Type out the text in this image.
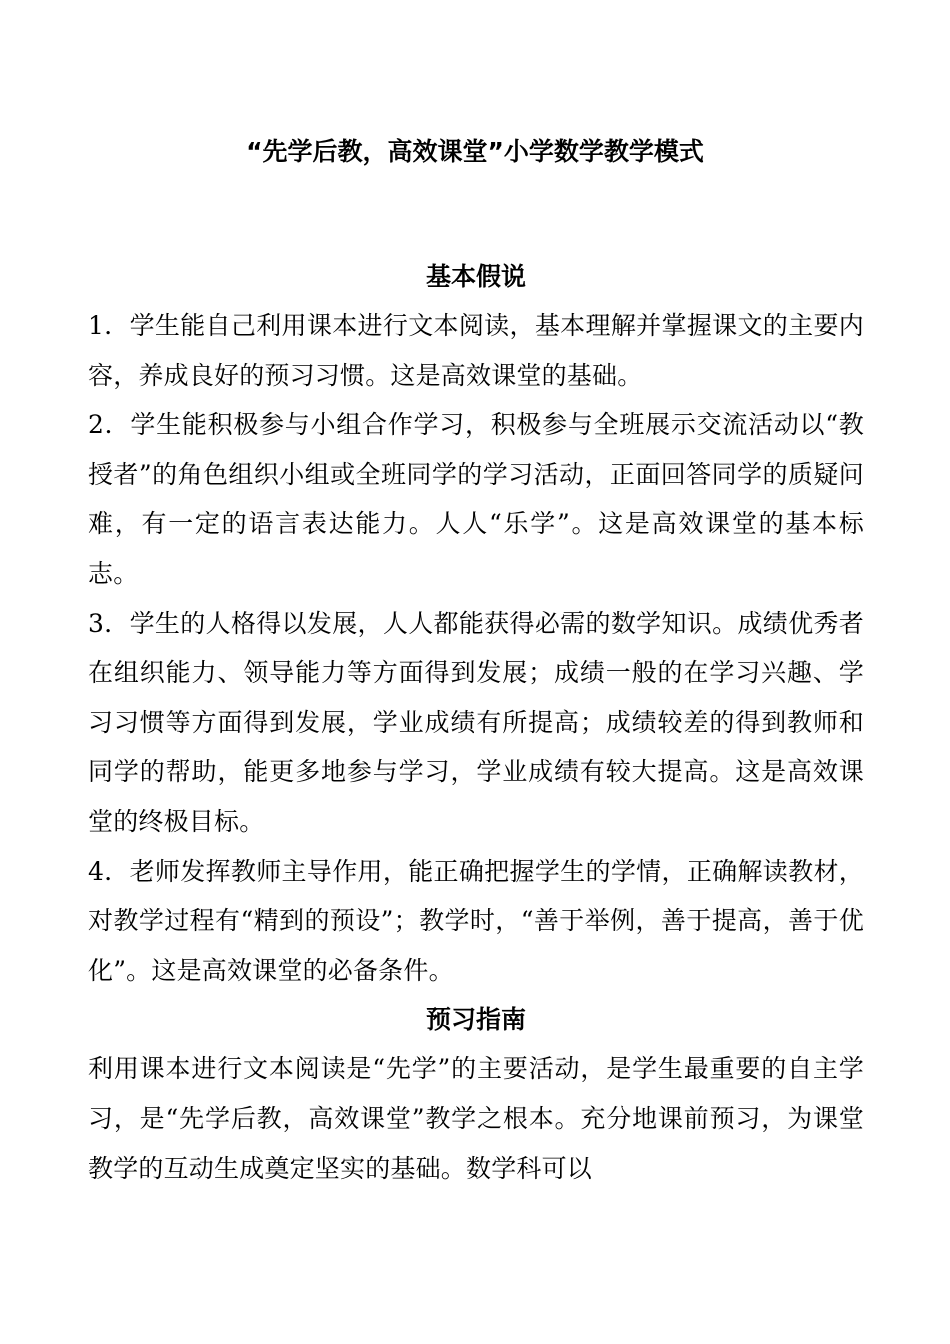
“先学后教，高效课堂”小学数学教学模式
基本假说

1．学生能自己利用课本进行文本阅读，基本理解并掌握课文的主要内容，养成良好的预习习惯。这是高效课堂的基础。

2．学生能积极参与小组合作学习，积极参与全班展示交流活动以“教授者”的角色组织小组或全班同学的学习活动，正面回答同学的质疑问难，有一定的语言表达能力。人人“乐学”。这是高效课堂的基本标志。

3．学生的人格得以发展，人人都能获得必需的数学知识。成绩优秀者在组织能力、领导能力等方面得到发展；成绩一般的在学习兴趣、学习习惯等方面得到发展，学业成绩有所提高；成绩较差的得到教师和同学的帮助，能更多地参与学习，学业成绩有较大提高。这是高效课堂的终极目标。

4．老师发挥教师主导作用，能正确把握学生的学情，正确解读教材，对教学过程有“精到的预设”；教学时，“善于举例，善于提高，善于优化”。这是高效课堂的必备条件。

预习指南

利用课本进行文本阅读是“先学”的主要活动，是学生最重要的自主学习，是“先学后教，高效课堂”教学之根本。充分地课前预习，为课堂教学的互动生成奠定坚实的基础。数学科可以
